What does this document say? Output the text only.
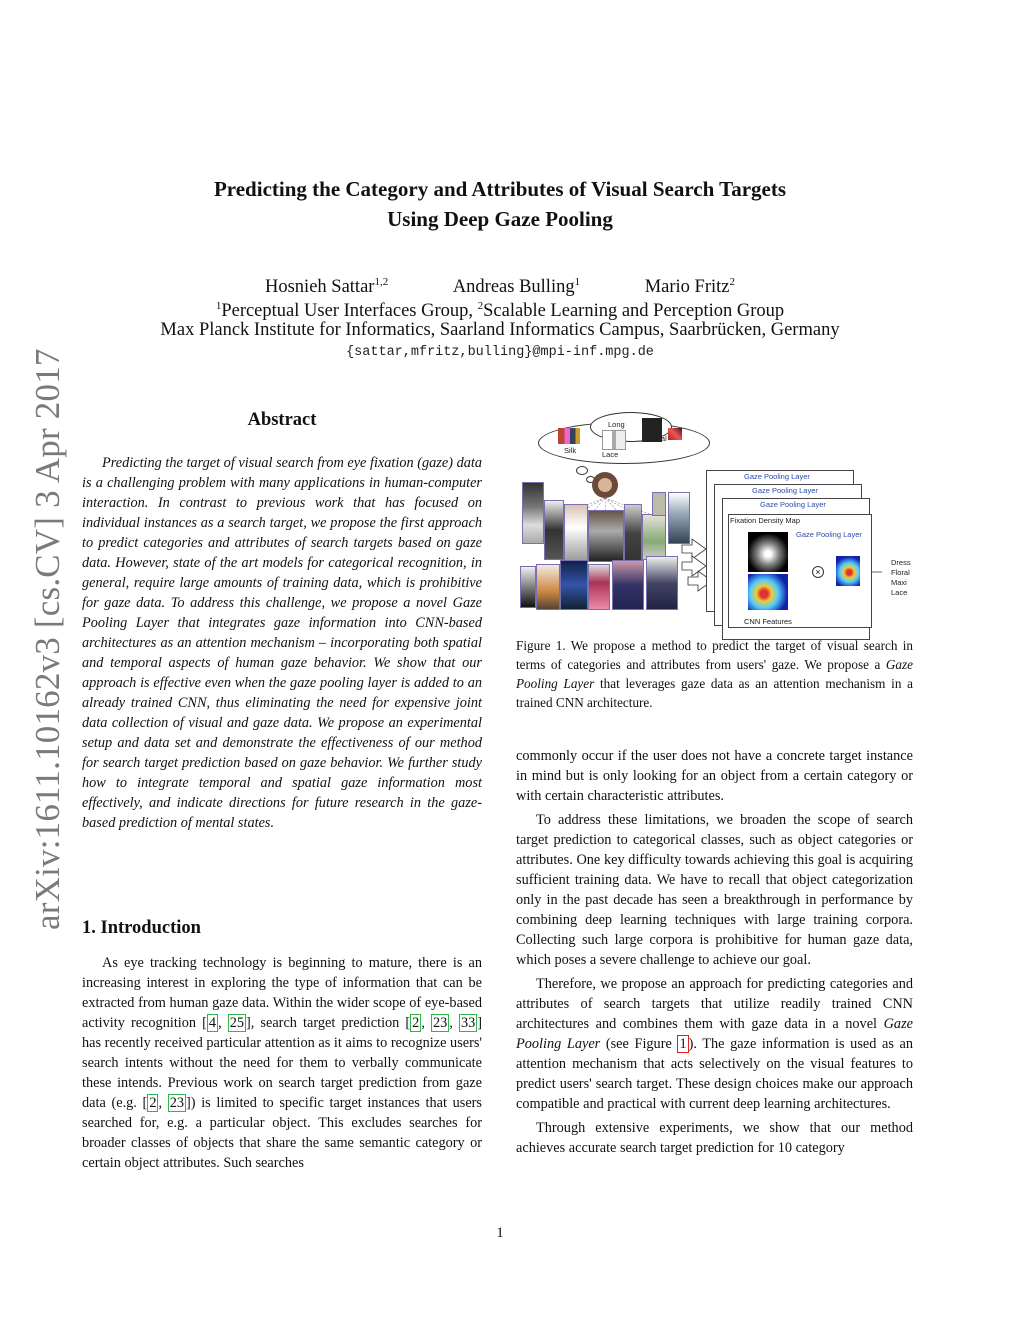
arXiv:1611.10162v3 [cs.CV] 3 Apr 2017
Predicting the Category and Attributes of Visual Search Targets
Using Deep Gaze Pooling
Hosnieh Sattar$^{1,2}$	Andreas Bulling$^1$	Mario Fritz$^2$
$^1$Perceptual User Interfaces Group, $^2$Scalable Learning and Perception Group
Max Planck Institute for Informatics, Saarland Informatics Campus, Saarbrücken, Germany
{sattar,mfritz,bulling}@mpi-inf.mpg.de
Abstract

Predicting the target of visual search from eye fixation (gaze) data is a challenging problem with many applications in human-computer interaction. In contrast to previous work that has focused on individual instances as a search target, we propose the first approach to predict categories and attributes of search targets based on gaze data. However, state of the art models for categorical recognition, in general, require large amounts of training data, which is prohibitive for gaze data. To address this challenge, we propose a novel Gaze Pooling Layer that integrates gaze information into CNN-based architectures as an attention mechanism – incorporating both spatial and temporal aspects of human gaze behavior. We show that our approach is effective even when the gaze pooling layer is added to an already trained CNN, thus eliminating the need for expensive joint data collection of visual and gaze data. We propose an experimental setup and data set and demonstrate the effectiveness of our method for search target prediction based on gaze behavior. We further study how to integrate temporal and spatial gaze information most effectively, and indicate directions for future research in the gaze-based prediction of mental states.

1. Introduction

As eye tracking technology is beginning to mature, there is an increasing interest in exploring the type of information that can be extracted from human gaze data. Within the wider scope of eye-based activity recognition [ 4 , 25 ], search target prediction [ 2 , 23 , 33 ] has recently received particular attention as it aims to recognize users' search intents without the need for them to verbally communicate these intends. Previous work on search target prediction from gaze data (e.g. [ 2 , 23 ]) is limited to specific target instances that users searched for, e.g. a particular object. This excludes searches for broader classes of objects that share the same semantic category or certain object attributes. Such searches

Long
Floral
Silk	Lace
Gaze Pooling Layer
Gaze Pooling Layer
Gaze Pooling Layer
Fixation Density Map
Gaze Pooling Layer
×
CNN Features
Dress
Floral
Maxi
Lace

Figure 1. We propose a method to predict the target of visual search in terms of categories and attributes from users' gaze. We propose a Gaze Pooling Layer that leverages gaze data as an attention mechanism in a trained CNN architecture.

commonly occur if the user does not have a concrete target instance in mind but is only looking for an object from a certain category or with certain characteristic attributes.

To address these limitations, we broaden the scope of search target prediction to categorical classes, such as object categories or attributes. One key difficulty towards achieving this goal is acquiring sufficient training data. We have to recall that object categorization only in the past decade has seen a breakthrough in performance by combining deep learning techniques with large training corpora. Collecting such large corpora is prohibitive for human gaze data, which poses a severe challenge to achieve our goal.

Therefore, we propose an approach for predicting categories and attributes of search targets that utilize readily trained CNN architectures and combines them with gaze data in a novel Gaze Pooling Layer (see Figure 1 ). The gaze information is used as an attention mechanism that acts selectively on the visual features to predict users' search target. These design choices make our approach compatible and practical with current deep learning architectures.

Through extensive experiments, we show that our method achieves accurate search target prediction for 10 category

1
